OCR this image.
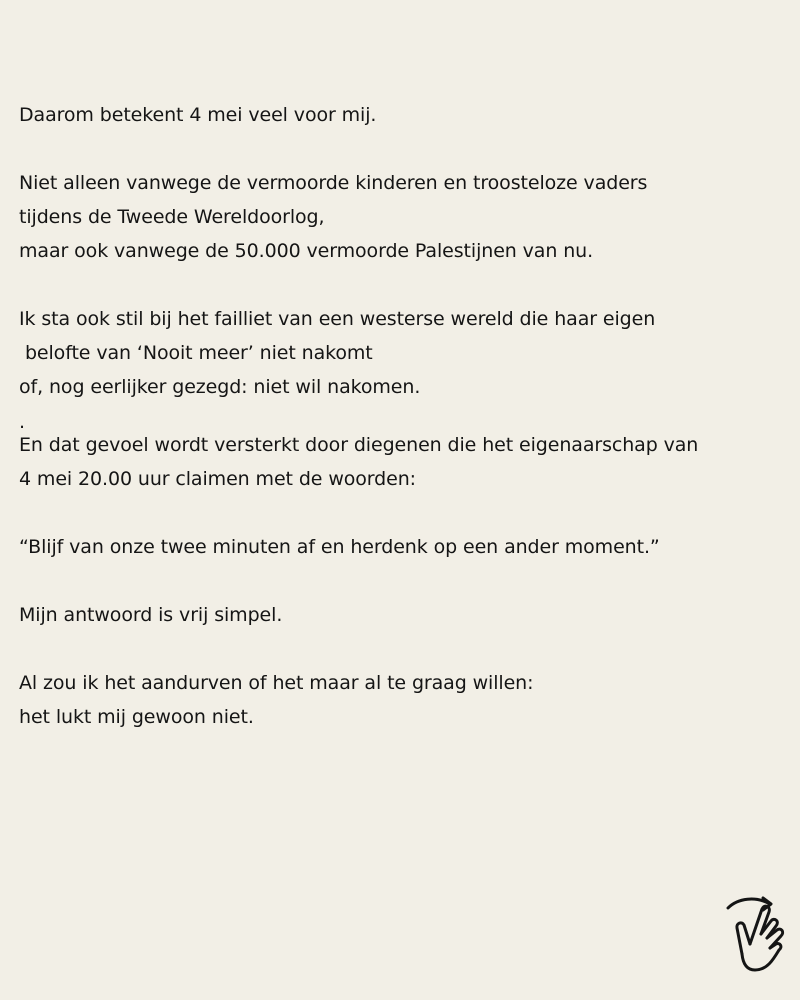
Daarom betekent 4 mei veel voor mij.
Niet alleen vanwege de vermoorde kinderen en troosteloze vaders
tijdens de Tweede Wereldoorlog,
maar ook vanwege de 50.000 vermoorde Palestijnen van nu.
Ik sta ook stil bij het failliet van een westerse wereld die haar eigen
belofte van ‘Nooit meer’ niet nakomt
of, nog eerlijker gezegd: niet wil nakomen.
.
En dat gevoel wordt versterkt door diegenen die het eigenaarschap van
4 mei 20.00 uur claimen met de woorden:
“Blijf van onze twee minuten af en herdenk op een ander moment.”
Mijn antwoord is vrij simpel.
Al zou ik het aandurven of het maar al te graag willen:
het lukt mij gewoon niet.
